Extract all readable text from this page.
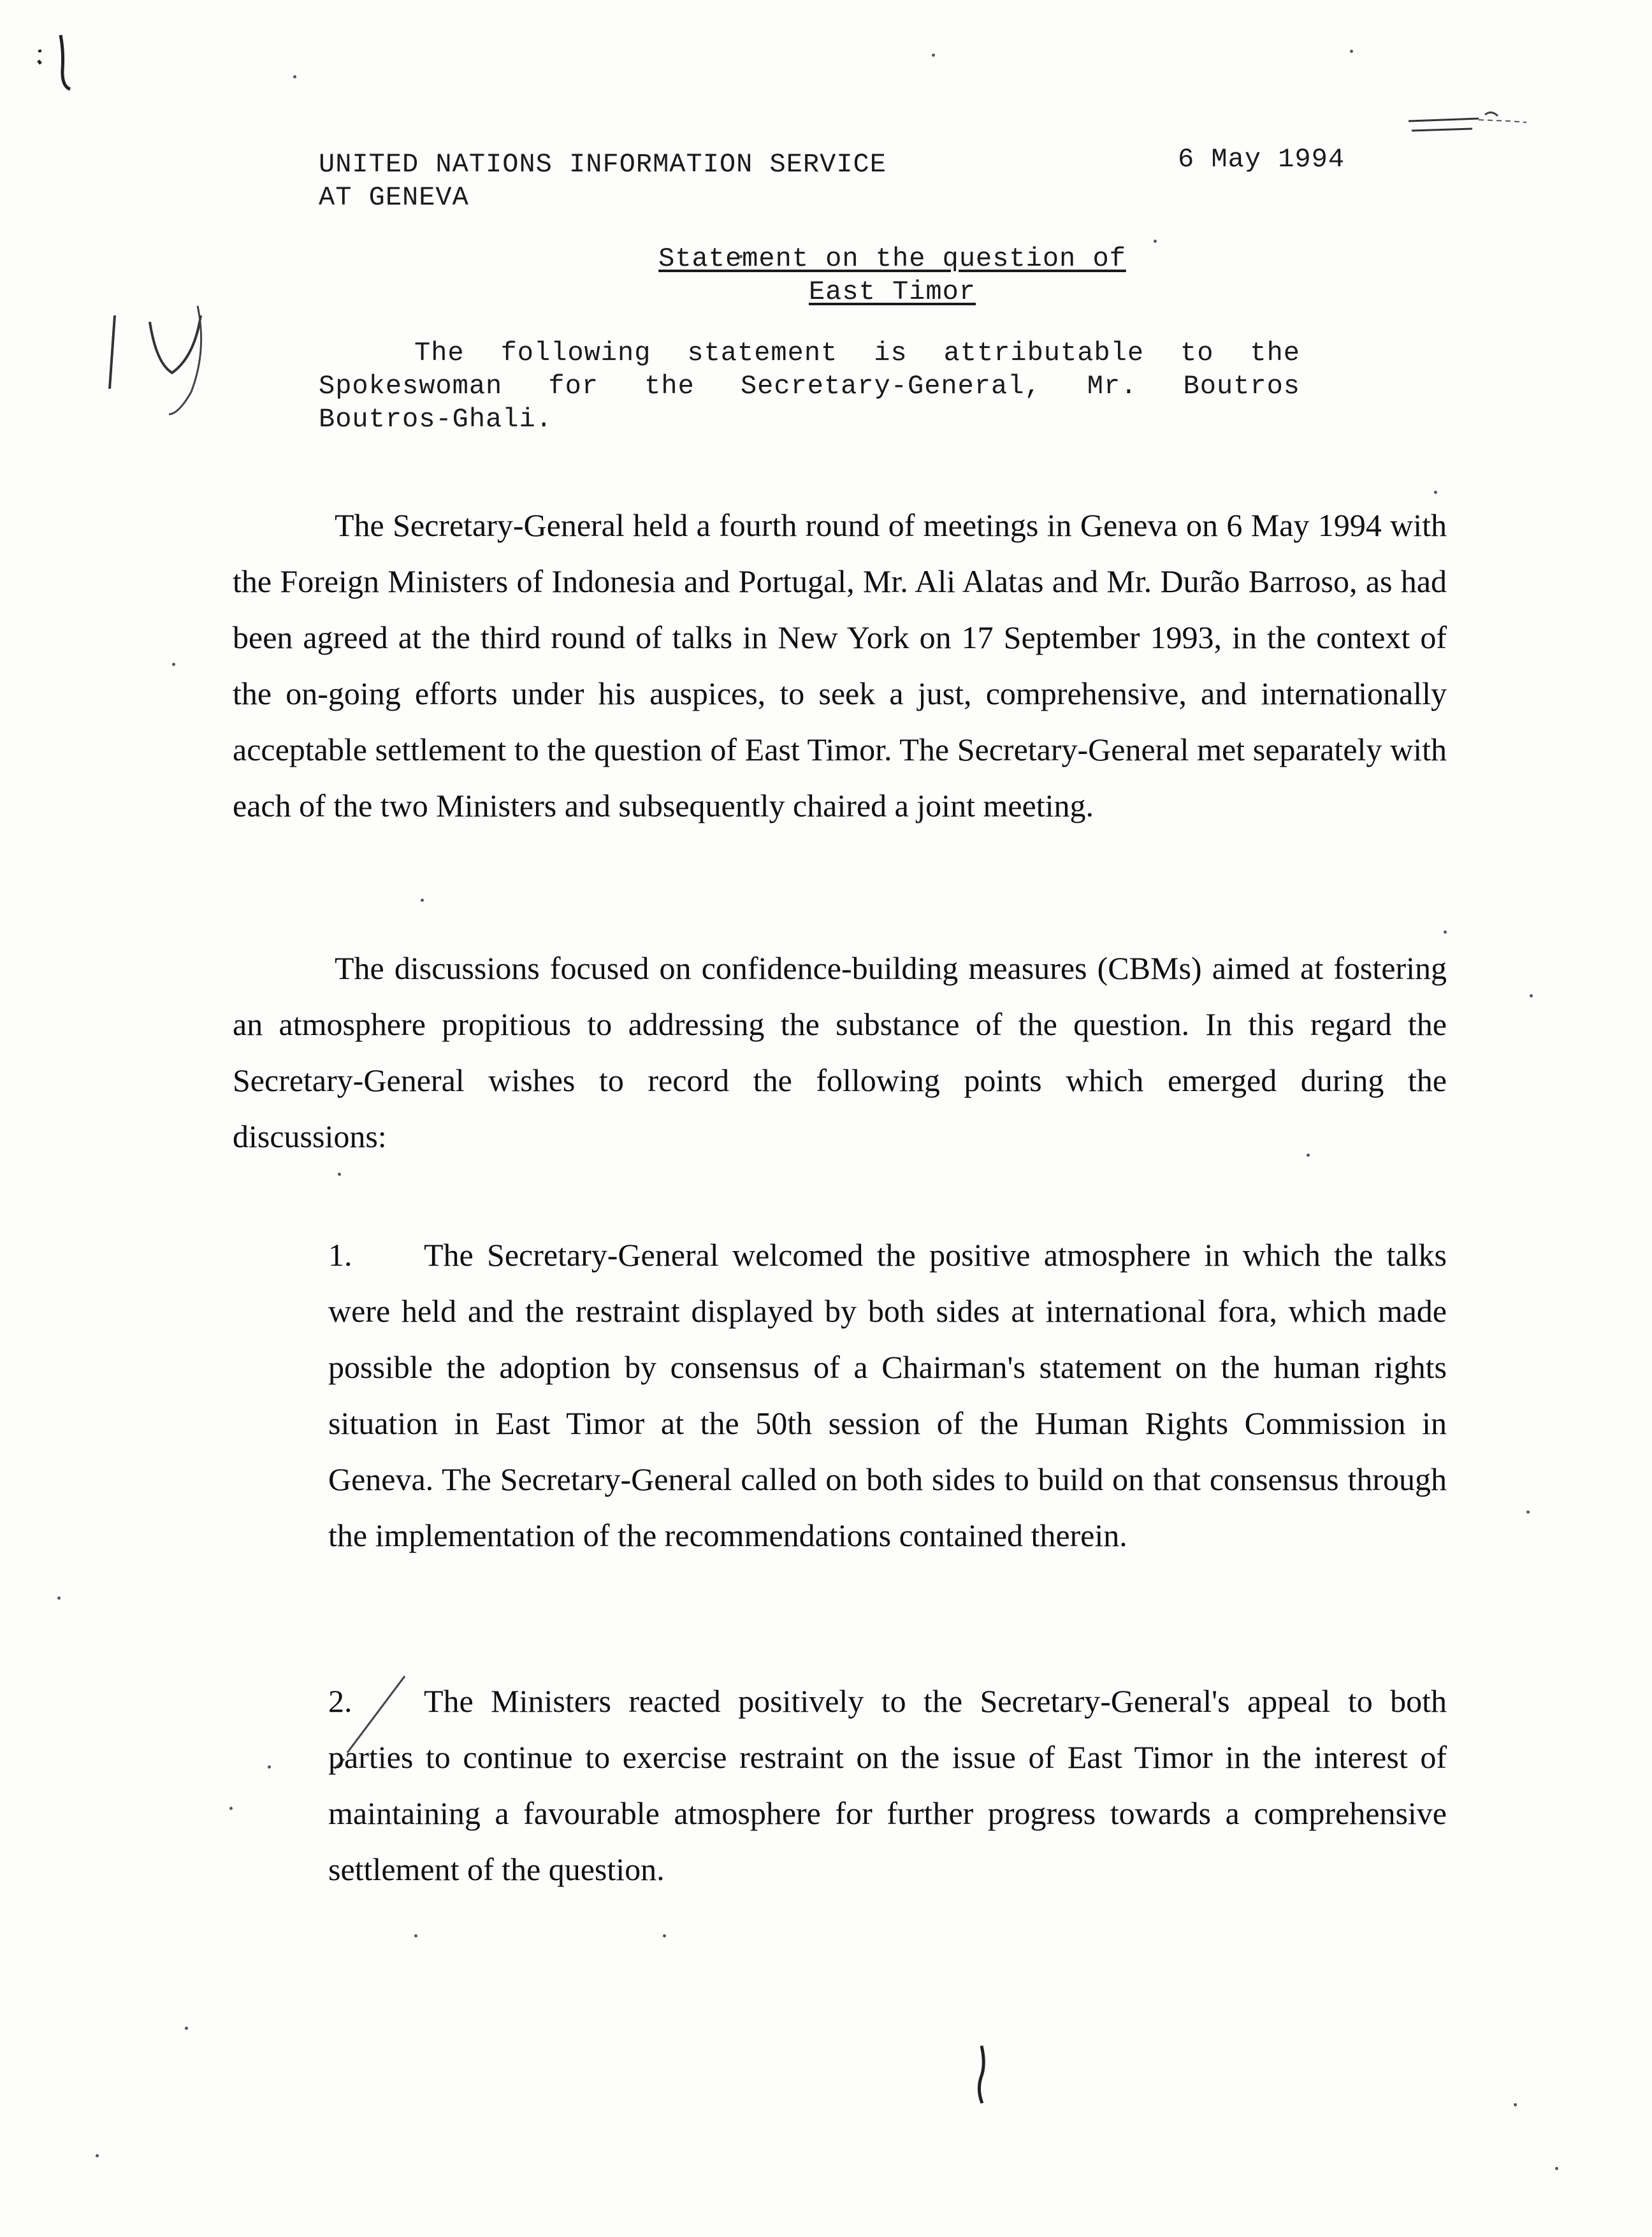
UNITED NATIONS INFORMATION SERVICE
AT GENEVA
6 May 1994
Statement on the question of
East Timor
The following statement is attributable to the Spokeswoman for the Secretary-General, Mr. Boutros Boutros-Ghali.
The Secretary-General held a fourth round of meetings in Geneva on 6 May 1994 with the Foreign Ministers of Indonesia and Portugal, Mr. Ali Alatas and Mr. Durão Barroso, as had been agreed at the third round of talks in New York on 17 September 1993, in the context of the on-going efforts under his auspices, to seek a just, comprehensive, and internationally acceptable settlement to the question of East Timor. The Secretary-General met separately with each of the two Ministers and subsequently chaired a joint meeting.
The discussions focused on confidence-building measures (CBMs) aimed at fostering an atmosphere propitious to addressing the substance of the question. In this regard the Secretary-General wishes to record the following points which emerged during the discussions:
1. The Secretary-General welcomed the positive atmosphere in which the talks were held and the restraint displayed by both sides at international fora, which made possible the adoption by consensus of a Chairman's statement on the human rights situation in East Timor at the 50th session of the Human Rights Commission in Geneva. The Secretary-General called on both sides to build on that consensus through the implementation of the recommendations contained therein.
2. The Ministers reacted positively to the Secretary-General's appeal to both parties to continue to exercise restraint on the issue of East Timor in the interest of maintaining a favourable atmosphere for further progress towards a comprehensive settlement of the question.
